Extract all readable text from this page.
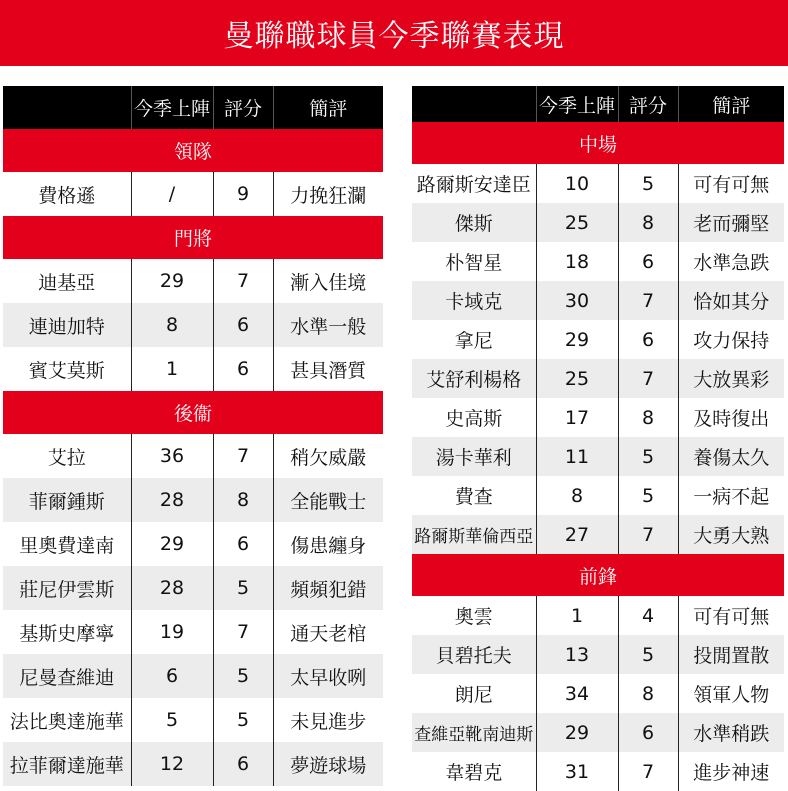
曼聯職球員今季聯賽表現
	今季上陣	評分	簡評
領隊			
費格遜	/	9	力挽狂瀾
門將			
迪基亞	29	7	漸入佳境
連迪加特	8	6	水準一般
賓艾莫斯	1	6	甚具潛質
後衞			
艾拉	36	7	稍欠威嚴
菲爾鍾斯	28	8	全能戰士
里奧費達南	29	6	傷患纏身
莊尼伊雲斯	28	5	頻頻犯錯
基斯史摩寧	19	7	通天老棺
尼曼查維迪	6	5	太早收咧
法比奧達施華	5	5	未見進步
拉菲爾達施華	12	6	夢遊球場
	今季上陣	評分	簡評
中場			
路爾斯安達臣	10	5	可有可無
傑斯	25	8	老而彌堅
朴智星	18	6	水準急跌
卡域克	30	7	恰如其分
拿尼	29	6	攻力保持
艾舒利楊格	25	7	大放異彩
史高斯	17	8	及時復出
湯卡華利	11	5	養傷太久
費查	8	5	一病不起
路爾斯華倫西亞	27	7	大勇大熟
前鋒			
奧雲	1	4	可有可無
貝碧托夫	13	5	投閒置散
朗尼	34	8	領軍人物
查維亞靴南迪斯	29	6	水準稍跌
韋碧克	31	7	進步神速
